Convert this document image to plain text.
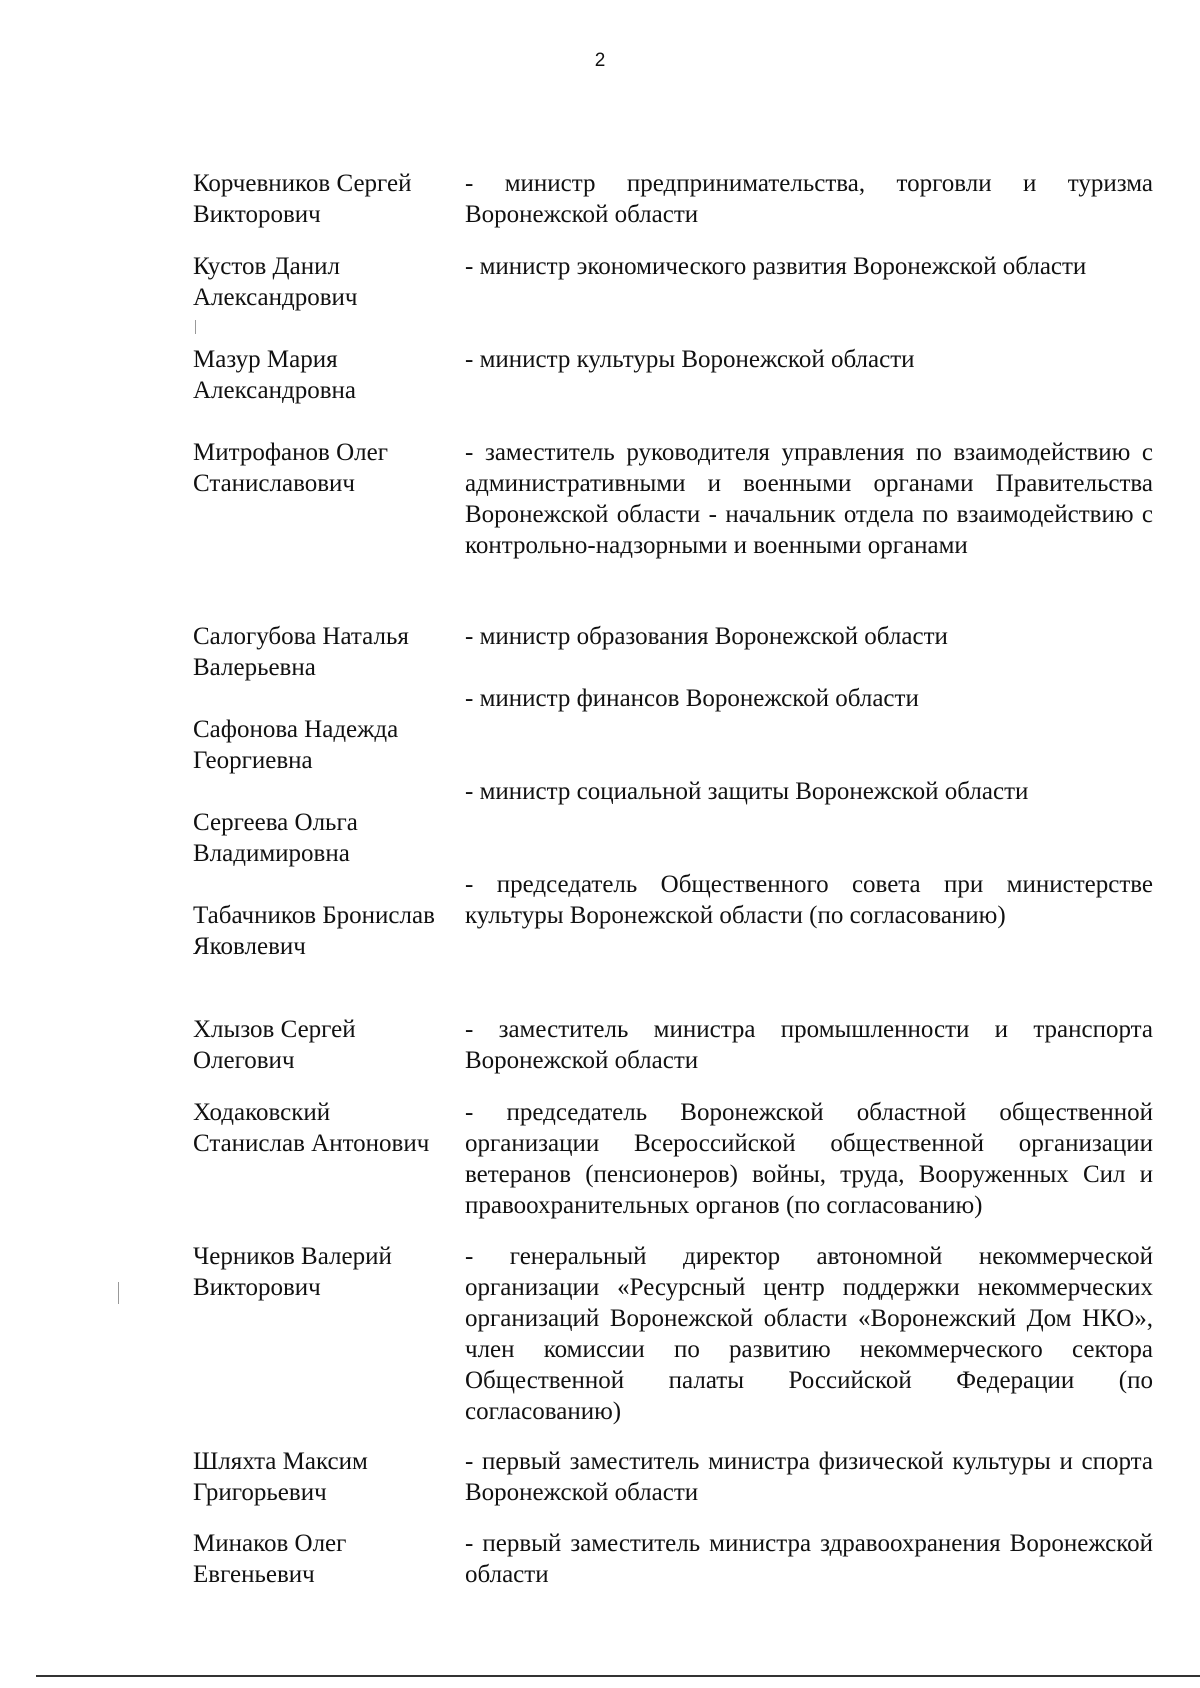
2
Корчевников Сергей Викторович
- министр предпринимательства, торговли и туризма Воронежской области
Кустов Данил Александрович
- министр экономического развития Воронежской области
Мазур Мария Александровна
- министр культуры Воронежской области
Митрофанов Олег Станиславович
- заместитель руководителя управления по взаимодействию с административными и военными органами Правительства Воронежской области - начальник отдела по взаимодействию с контрольно-надзорными и военными органами
Салогубова Наталья Валерьевна
- министр образования Воронежской области
Сафонова Надежда Георгиевна
- министр финансов Воронежской области
Сергеева Ольга Владимировна
- министр социальной защиты Воронежской области
Табачников Бронислав Яковлевич
- председатель Общественного совета при министерстве культуры Воронежской области (по согласованию)
Хлызов Сергей Олегович
- заместитель министра промышленности и транспорта Воронежской области
Ходаковский Станислав Антонович
- председатель Воронежской областной общественной организации Всероссийской общественной организации ветеранов (пенсионеров) войны, труда, Вооруженных Сил и правоохранительных органов (по согласованию)
Черников Валерий Викторович
- генеральный директор автономной некоммерческой организации «Ресурсный центр поддержки некоммерческих организаций Воронежской области «Воронежский Дом НКО», член комиссии по развитию некоммерческого сектора Общественной палаты Российской Федерации (по согласованию)
Шляхта Максим Григорьевич
- первый заместитель министра физической культуры и спорта Воронежской области
Минаков Олег Евгеньевич
- первый заместитель министра здравоохранения Воронежской области
